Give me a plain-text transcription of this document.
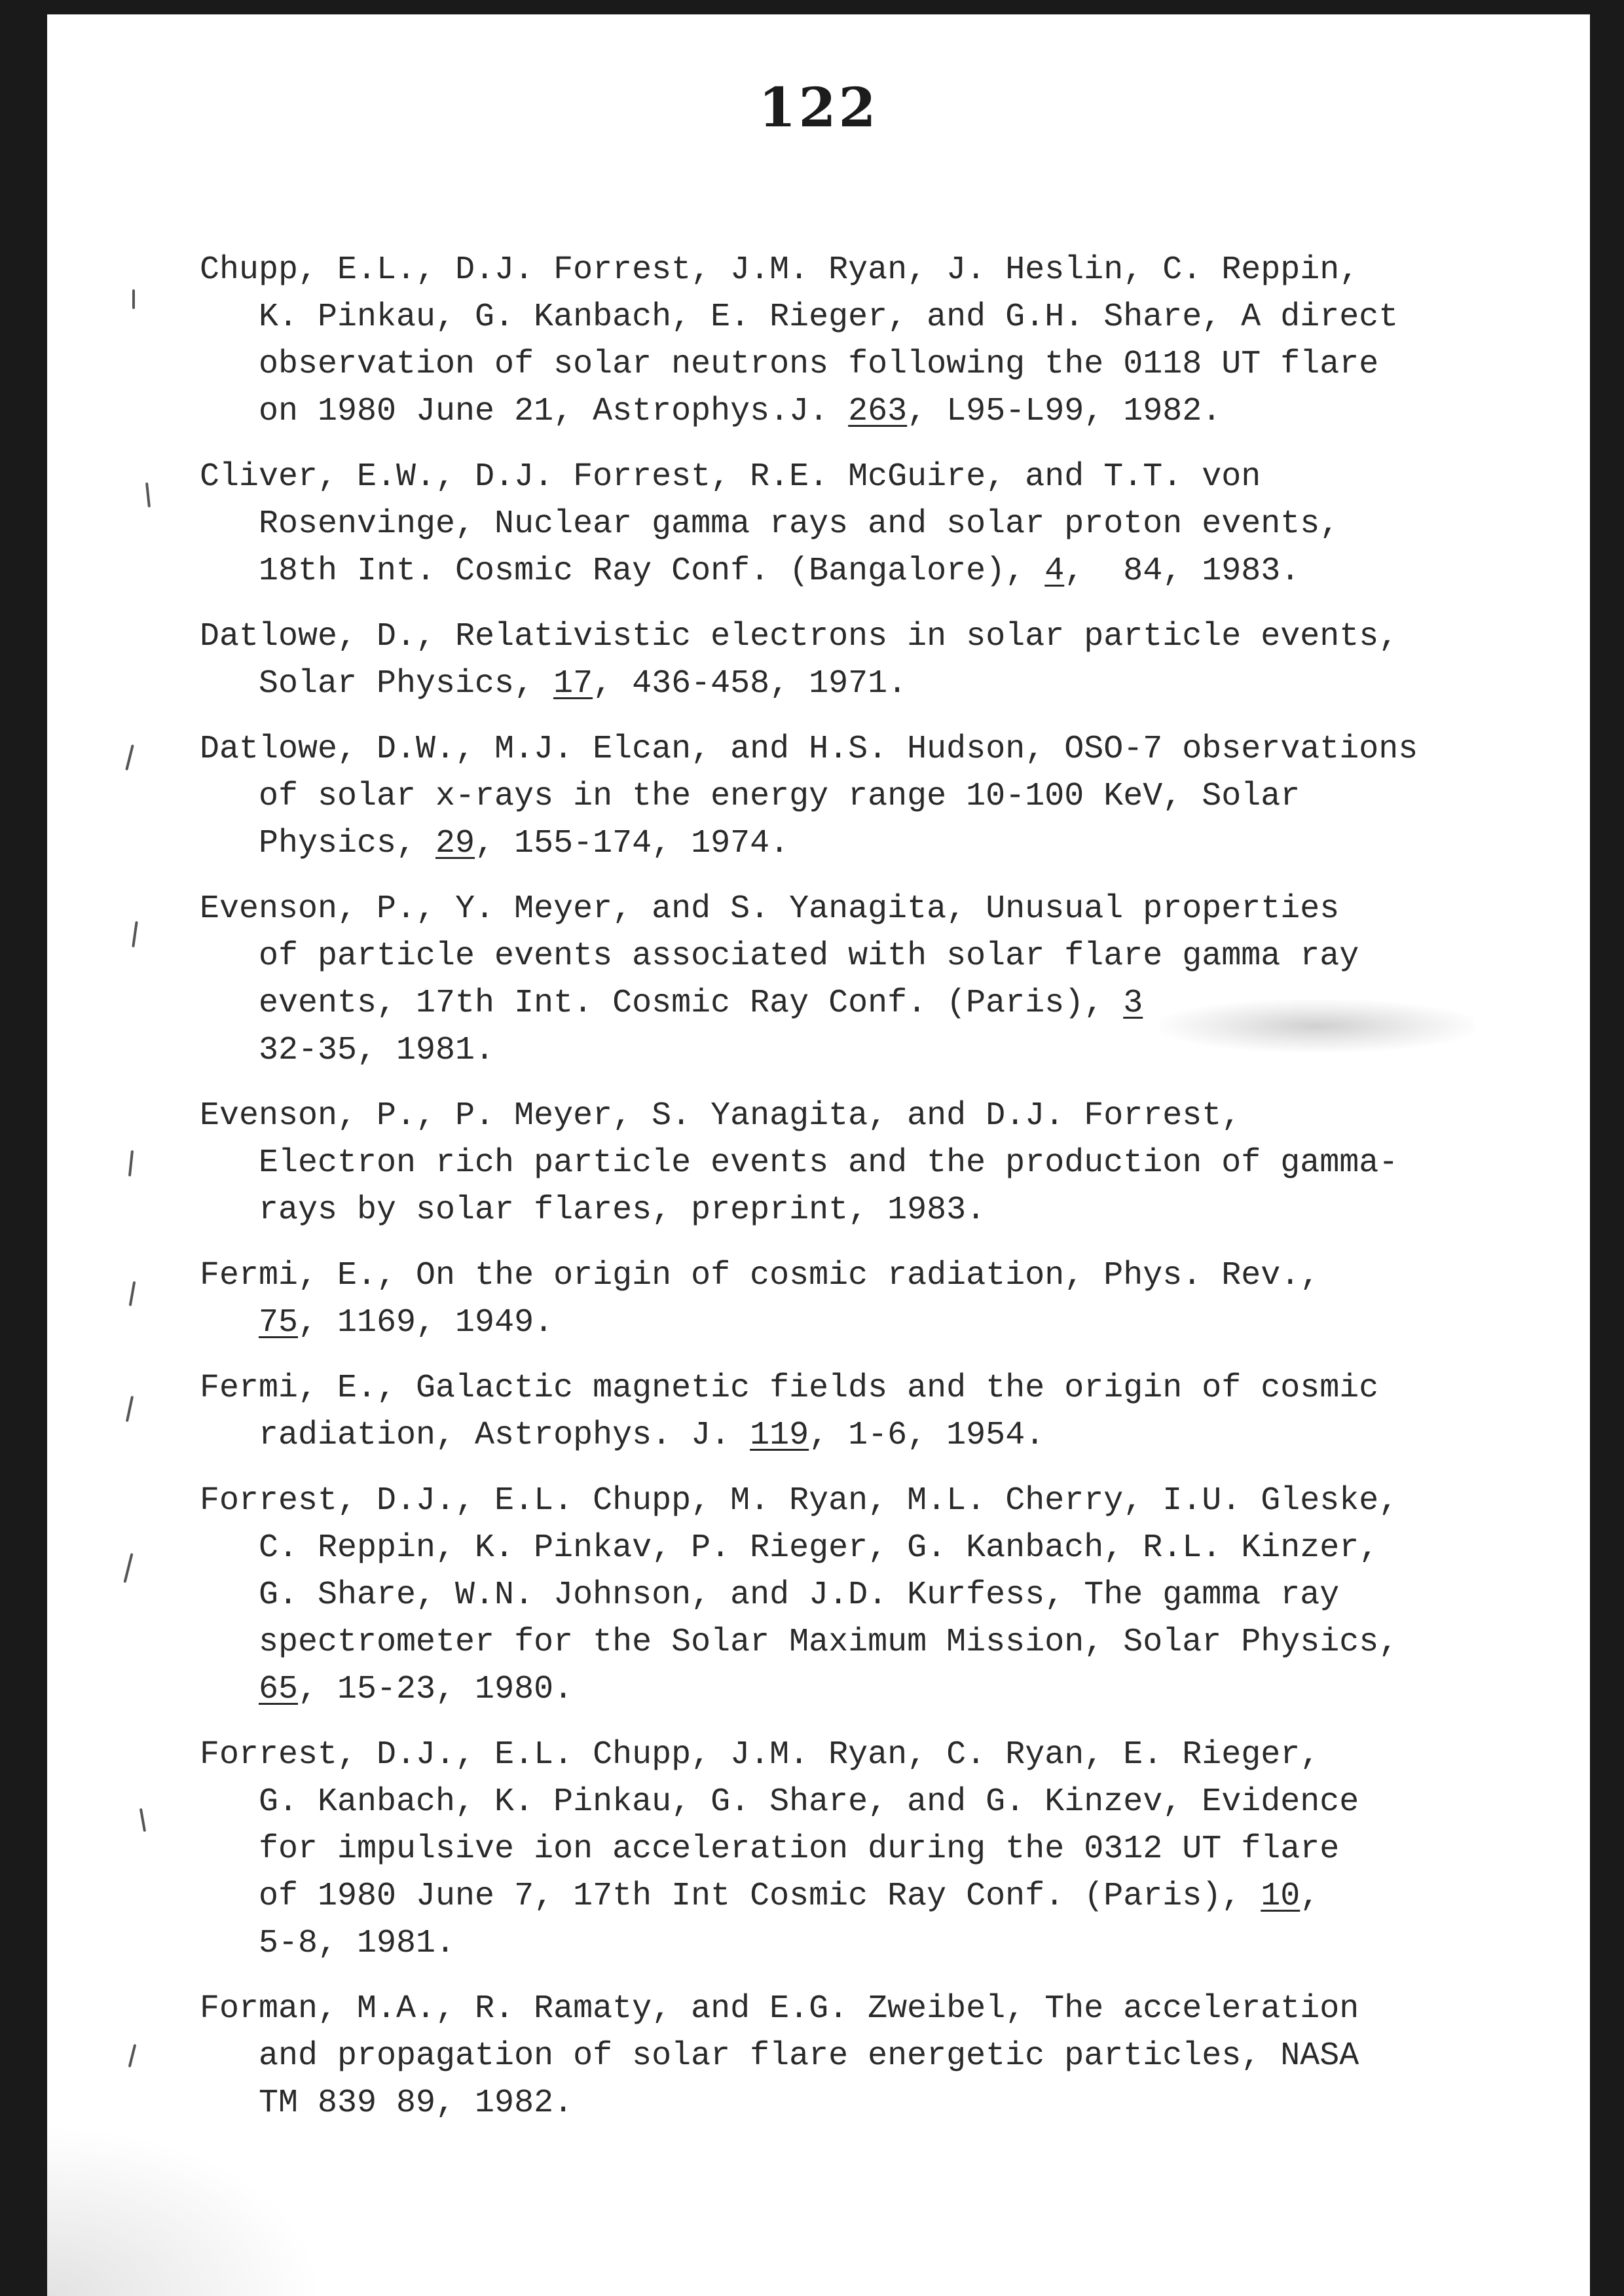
122
Chupp, E.L., D.J. Forrest, J.M. Ryan, J. Heslin, C. Reppin,
K. Pinkau, G. Kanbach, E. Rieger, and G.H. Share, A direct
observation of solar neutrons following the 0118 UT flare
on 1980 June 21, Astrophys.J. 263, L95-L99, 1982.
Cliver, E.W., D.J. Forrest, R.E. McGuire, and T.T. von
Rosenvinge, Nuclear gamma rays and solar proton events,
18th Int. Cosmic Ray Conf. (Bangalore), 4,  84, 1983.
Datlowe, D., Relativistic electrons in solar particle events,
Solar Physics, 17, 436-458, 1971.
Datlowe, D.W., M.J. Elcan, and H.S. Hudson, OSO-7 observations
of solar x-rays in the energy range 10-100 KeV, Solar
Physics, 29, 155-174, 1974.
Evenson, P., Y. Meyer, and S. Yanagita, Unusual properties
of particle events associated with solar flare gamma ray
events, 17th Int. Cosmic Ray Conf. (Paris), 3
32-35, 1981.
Evenson, P., P. Meyer, S. Yanagita, and D.J. Forrest,
Electron rich particle events and the production of gamma-
rays by solar flares, preprint, 1983.
Fermi, E., On the origin of cosmic radiation, Phys. Rev.,
75, 1169, 1949.
Fermi, E., Galactic magnetic fields and the origin of cosmic
radiation, Astrophys. J. 119, 1-6, 1954.
Forrest, D.J., E.L. Chupp, M. Ryan, M.L. Cherry, I.U. Gleske,
C. Reppin, K. Pinkav, P. Rieger, G. Kanbach, R.L. Kinzer,
G. Share, W.N. Johnson, and J.D. Kurfess, The gamma ray
spectrometer for the Solar Maximum Mission, Solar Physics,
65, 15-23, 1980.
Forrest, D.J., E.L. Chupp, J.M. Ryan, C. Ryan, E. Rieger,
G. Kanbach, K. Pinkau, G. Share, and G. Kinzev, Evidence
for impulsive ion acceleration during the 0312 UT flare
of 1980 June 7, 17th Int Cosmic Ray Conf. (Paris), 10,
5-8, 1981.
Forman, M.A., R. Ramaty, and E.G. Zweibel, The acceleration
and propagation of solar flare energetic particles, NASA
TM 839 89, 1982.
